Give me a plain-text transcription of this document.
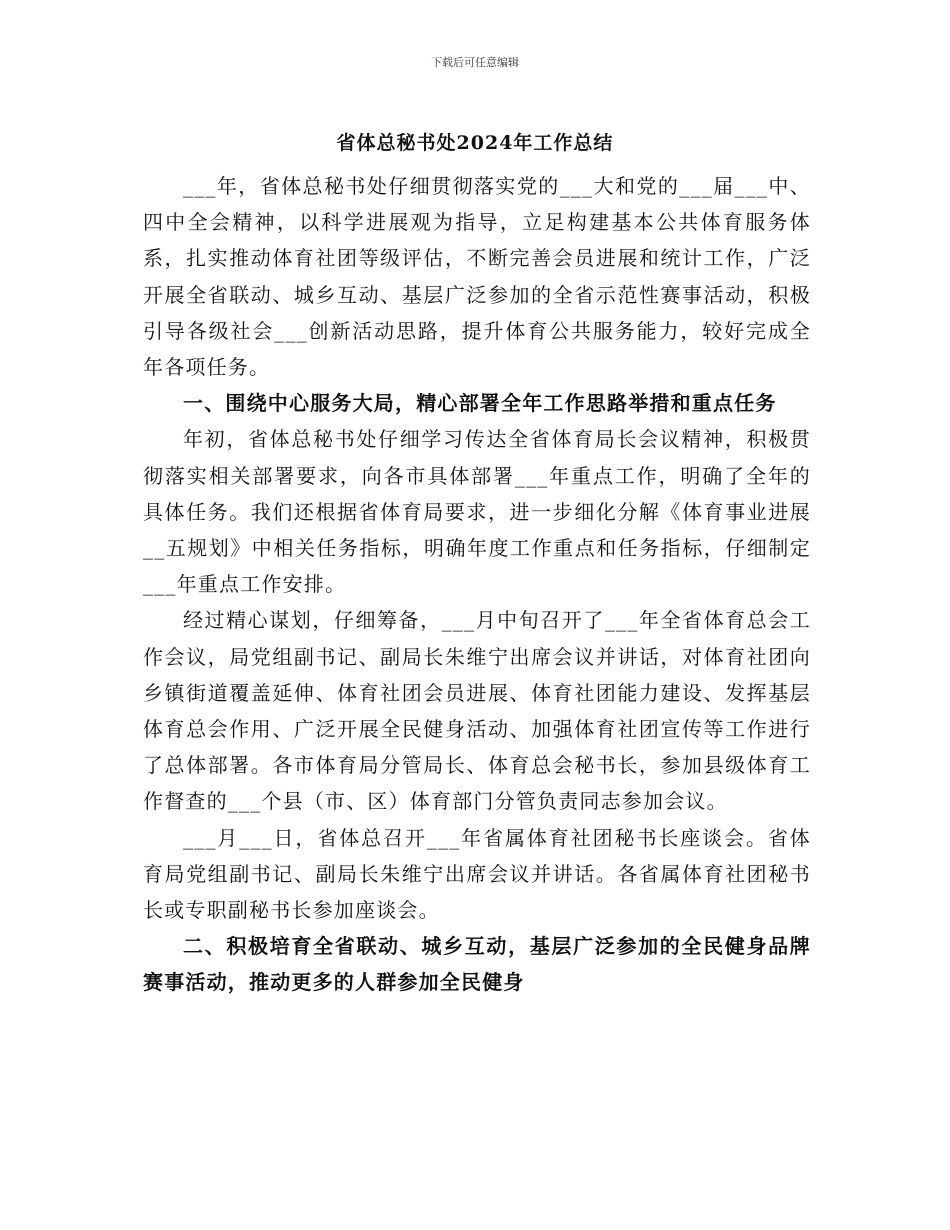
下载后可任意编辑
省体总秘书处2024年工作总结

___年，省体总秘书处仔细贯彻落实党的___大和党的___届___中、四中全会精神，以科学进展观为指导，立足构建基本公共体育服务体系，扎实推动体育社团等级评估，不断完善会员进展和统计工作，广泛开展全省联动、城乡互动、基层广泛参加的全省示范性赛事活动，积极引导各级社会___创新活动思路，提升体育公共服务能力，较好完成全年各项任务。

一、围绕中心服务大局，精心部署全年工作思路举措和重点任务

年初，省体总秘书处仔细学习传达全省体育局长会议精神，积极贯彻落实相关部署要求，向各市具体部署___年重点工作，明确了全年的具体任务。我们还根据省体育局要求，进一步细化分解《体育事业进展__五规划》中相关任务指标，明确年度工作重点和任务指标，仔细制定___年重点工作安排。

经过精心谋划，仔细筹备，___月中旬召开了___年全省体育总会工作会议，局党组副书记、副局长朱维宁出席会议并讲话，对体育社团向乡镇街道覆盖延伸、体育社团会员进展、体育社团能力建设、发挥基层体育总会作用、广泛开展全民健身活动、加强体育社团宣传等工作进行了总体部署。各市体育局分管局长、体育总会秘书长，参加县级体育工作督查的___个县（市、区）体育部门分管负责同志参加会议。

___月___日，省体总召开___年省属体育社团秘书长座谈会。省体育局党组副书记、副局长朱维宁出席会议并讲话。各省属体育社团秘书长或专职副秘书长参加座谈会。

二、积极培育全省联动、城乡互动，基层广泛参加的全民健身品牌赛事活动，推动更多的人群参加全民健身
